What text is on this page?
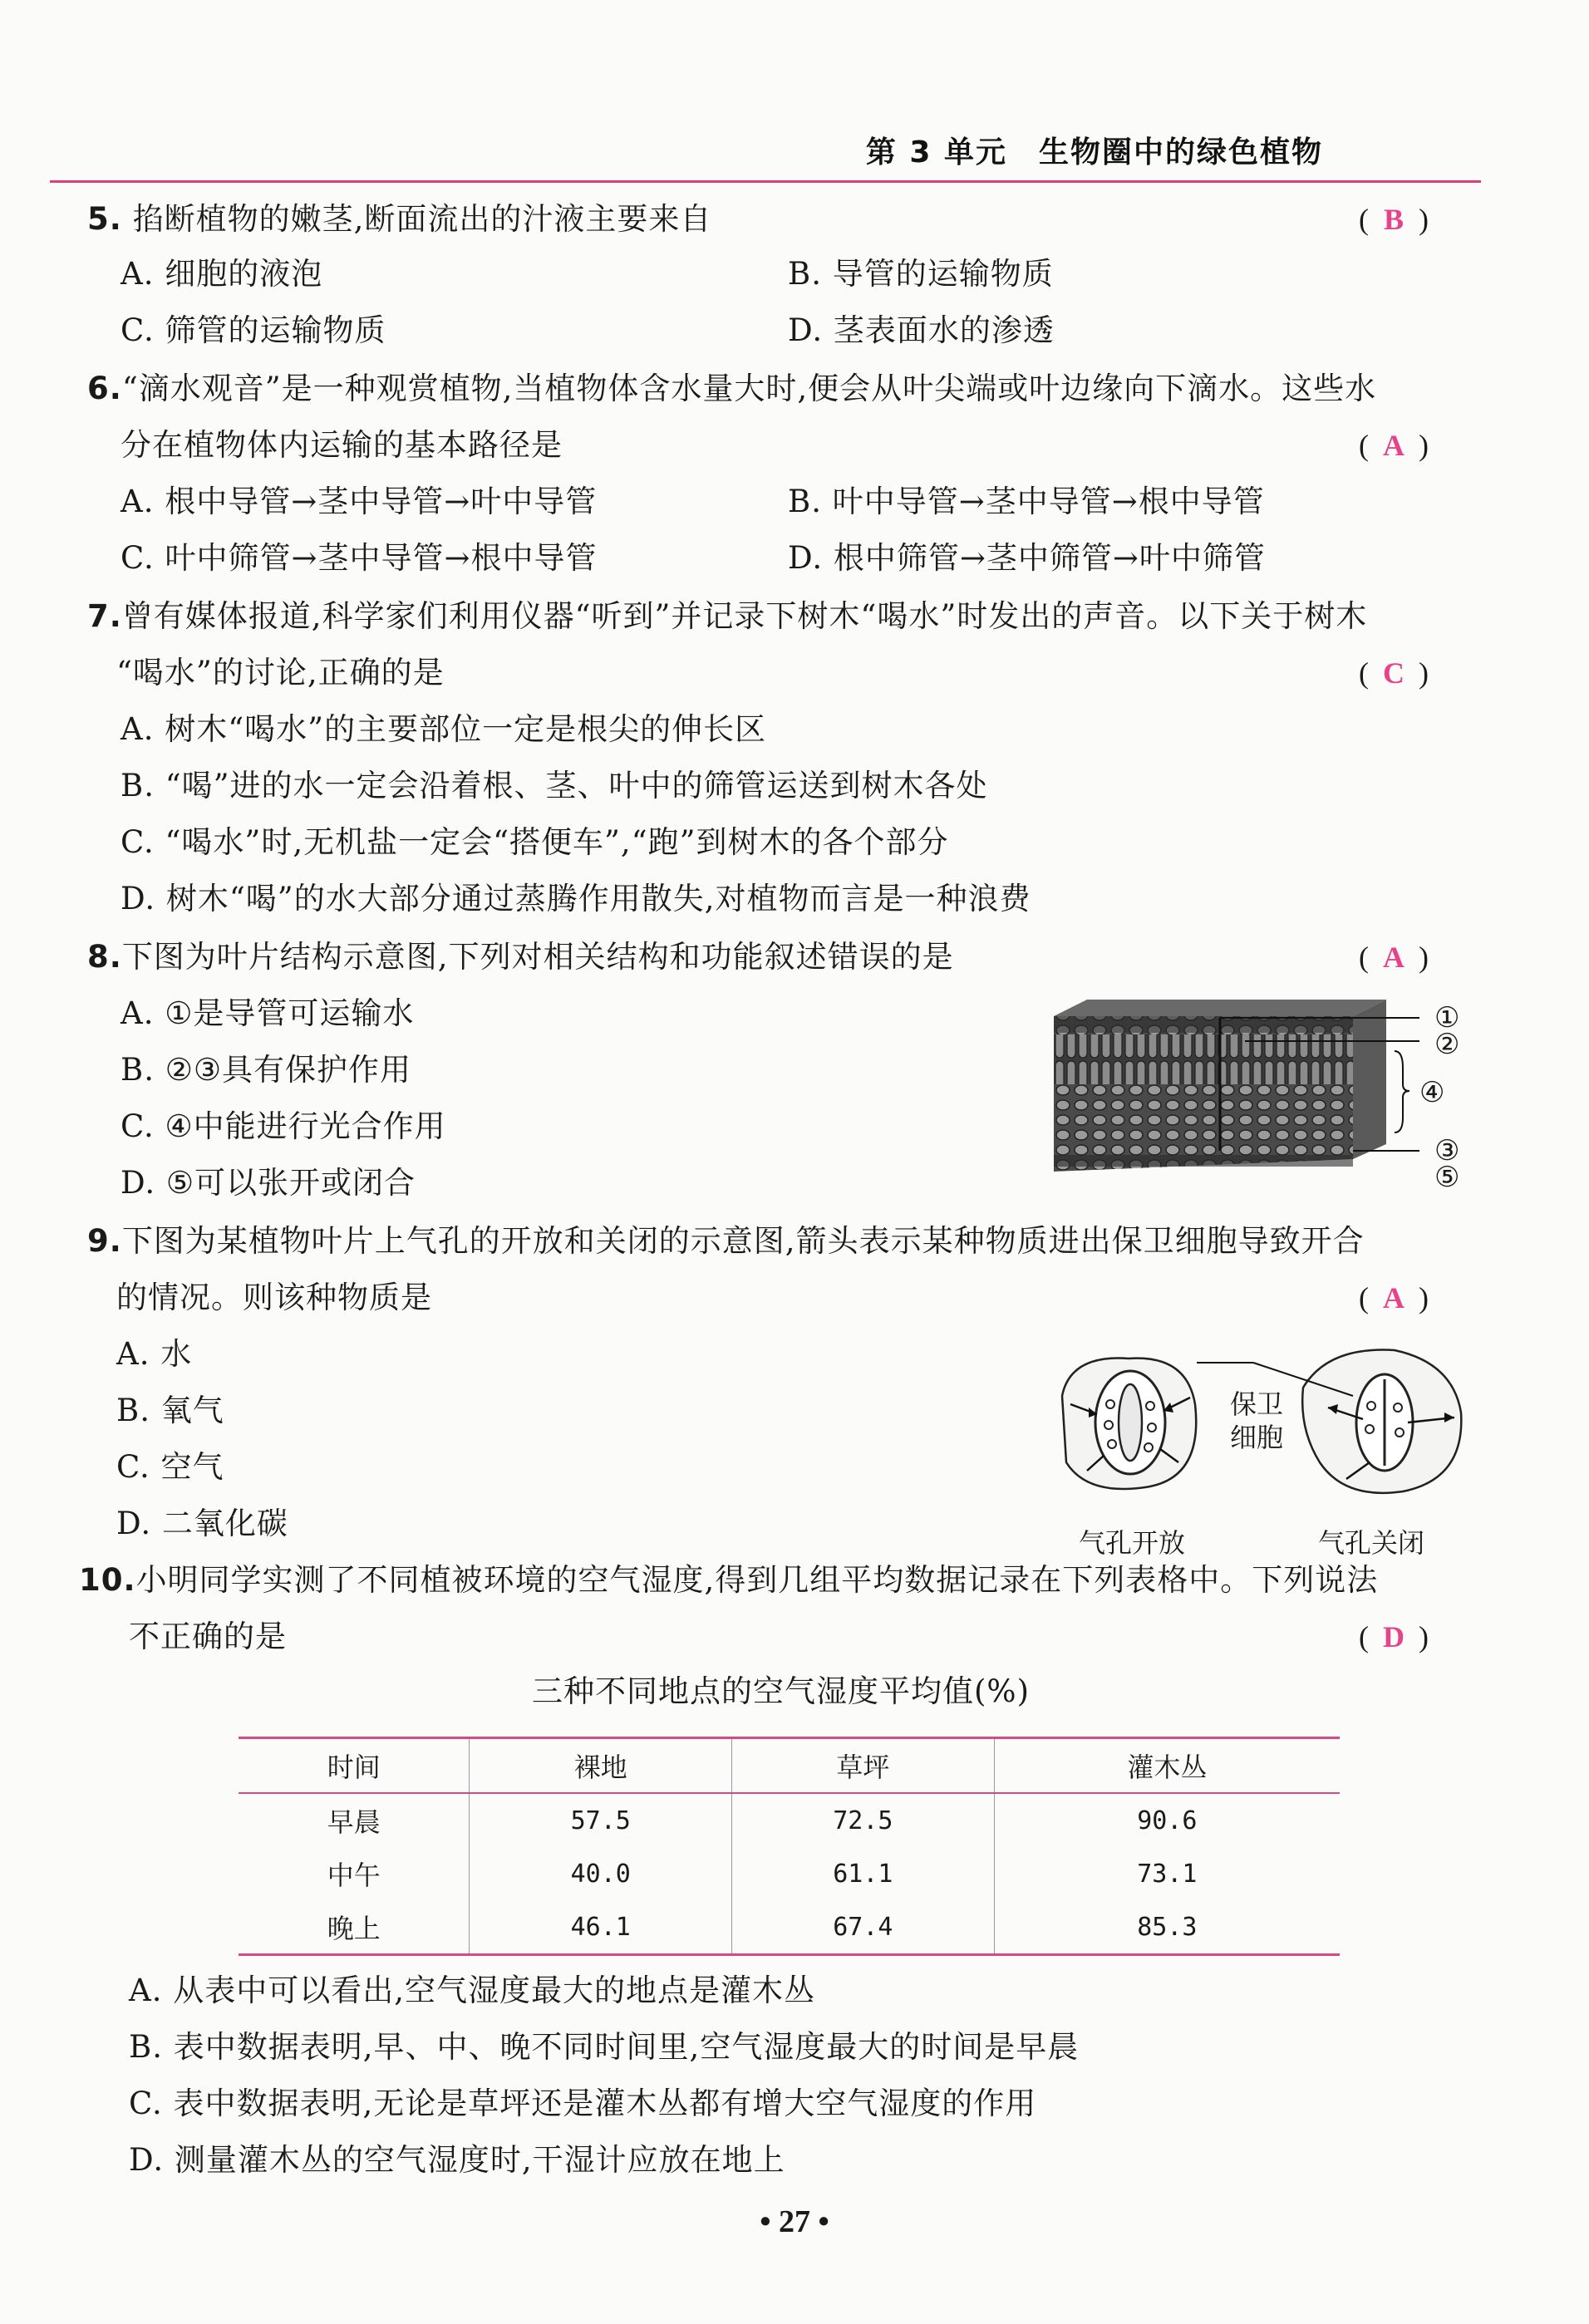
第 3 单元　生物圈中的绿色植物
5. 掐断植物的嫩茎,断面流出的汁液主要来自	( B )
A. 细胞的液泡	B. 导管的运输物质
C. 筛管的运输物质	D. 茎表面水的渗透
6.“滴水观音”是一种观赏植物,当植物体含水量大时,便会从叶尖端或叶边缘向下滴水。这些水
分在植物体内运输的基本路径是	( A )
A. 根中导管→茎中导管→叶中导管	B. 叶中导管→茎中导管→根中导管
C. 叶中筛管→茎中导管→根中导管	D. 根中筛管→茎中筛管→叶中筛管
7.曾有媒体报道,科学家们利用仪器“听到”并记录下树木“喝水”时发出的声音。以下关于树木
“喝水”的讨论,正确的是	( C )
A. 树木“喝水”的主要部位一定是根尖的伸长区
B. “喝”进的水一定会沿着根、茎、叶中的筛管运送到树木各处
C. “喝水”时,无机盐一定会“搭便车”,“跑”到树木的各个部分
D. 树木“喝”的水大部分通过蒸腾作用散失,对植物而言是一种浪费
8.下图为叶片结构示意图,下列对相关结构和功能叙述错误的是	( A )
A. ①是导管可运输水
B. ②③具有保护作用
C. ④中能进行光合作用
D. ⑤可以张开或闭合
①
②
④
③
⑤
9.下图为某植物叶片上气孔的开放和关闭的示意图,箭头表示某种物质进出保卫细胞导致开合
的情况。则该种物质是	( A )
A. 水
B. 氧气
C. 空气
D. 二氧化碳
保卫
细胞
气孔开放	气孔关闭
10.小明同学实测了不同植被环境的空气湿度,得到几组平均数据记录在下列表格中。下列说法
不正确的是	( D )
三种不同地点的空气湿度平均值(%)
时间	裸地	草坪	灌木丛
早晨	57.5	72.5	90.6
中午	40.0	61.1	73.1
晚上	46.1	67.4	85.3
A. 从表中可以看出,空气湿度最大的地点是灌木丛
B. 表中数据表明,早、中、晚不同时间里,空气湿度最大的时间是早晨
C. 表中数据表明,无论是草坪还是灌木丛都有增大空气湿度的作用
D. 测量灌木丛的空气湿度时,干湿计应放在地上
• 27 •
